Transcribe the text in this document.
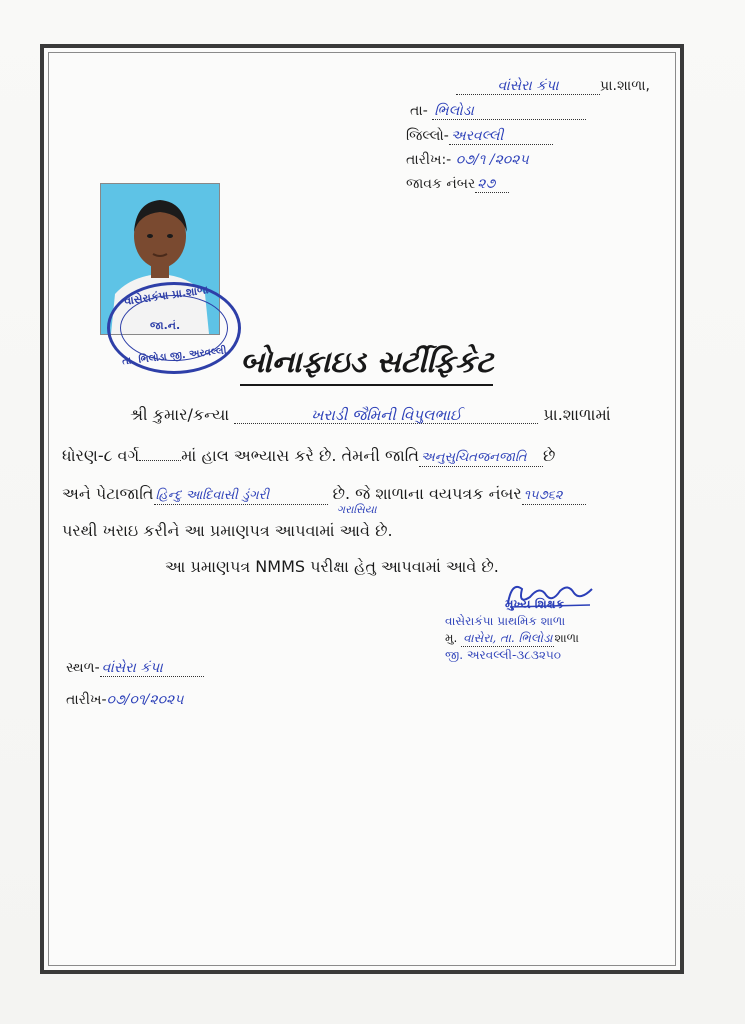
વાંસેરા કંપા	પ્રા.શાળા,
તા- ભિલોડા
જિલ્લો- અરવલ્લી
તારીખ:- ૦૭/૧ /૨૦૨૫
જાવક નંબર ૨૭
વાસેરાકંપા પ્રા.શાળા
જા.નં.
તા. ભિલોડા જી. અરવલ્લી બોનાફાઇડ સર્ટીફિકેટ
શ્રી કુમાર/કન્યા	ખરાડી જૈમિની વિપુલભાઈ	પ્રા.શાળામાં
ધોરણ-૮ વર્ગ	માં હાલ અભ્યાસ કરે છે. તેમની જાતિ અનુસુચિતજનજાતિ છે
અને પેટાજાતિ હિન્દુ આદિવાસી ડુંગરી	છે. જે શાળાના વયપત્રક નંબર ૧૫૭૬૨
ગરાસિયા
પરથી ખરાઇ કરીને આ પ્રમાણપત્ર આપવામાં આવે છે.
આ પ્રમાણપત્ર NMMS પરીક્ષા હેતુ આપવામાં આવે છે.
મુખ્ય શિક્ષક
વાસેરાકંપા પ્રાથમિક શાળા
મુ. વાસેરા, તા. ભિલોડા શાળા
જી. અરવલ્લી-૩૮૩૨૫૦
સ્થળ- વાંસેરા કંપા
તારીખ-૦૭/૦૧/૨૦૨૫
